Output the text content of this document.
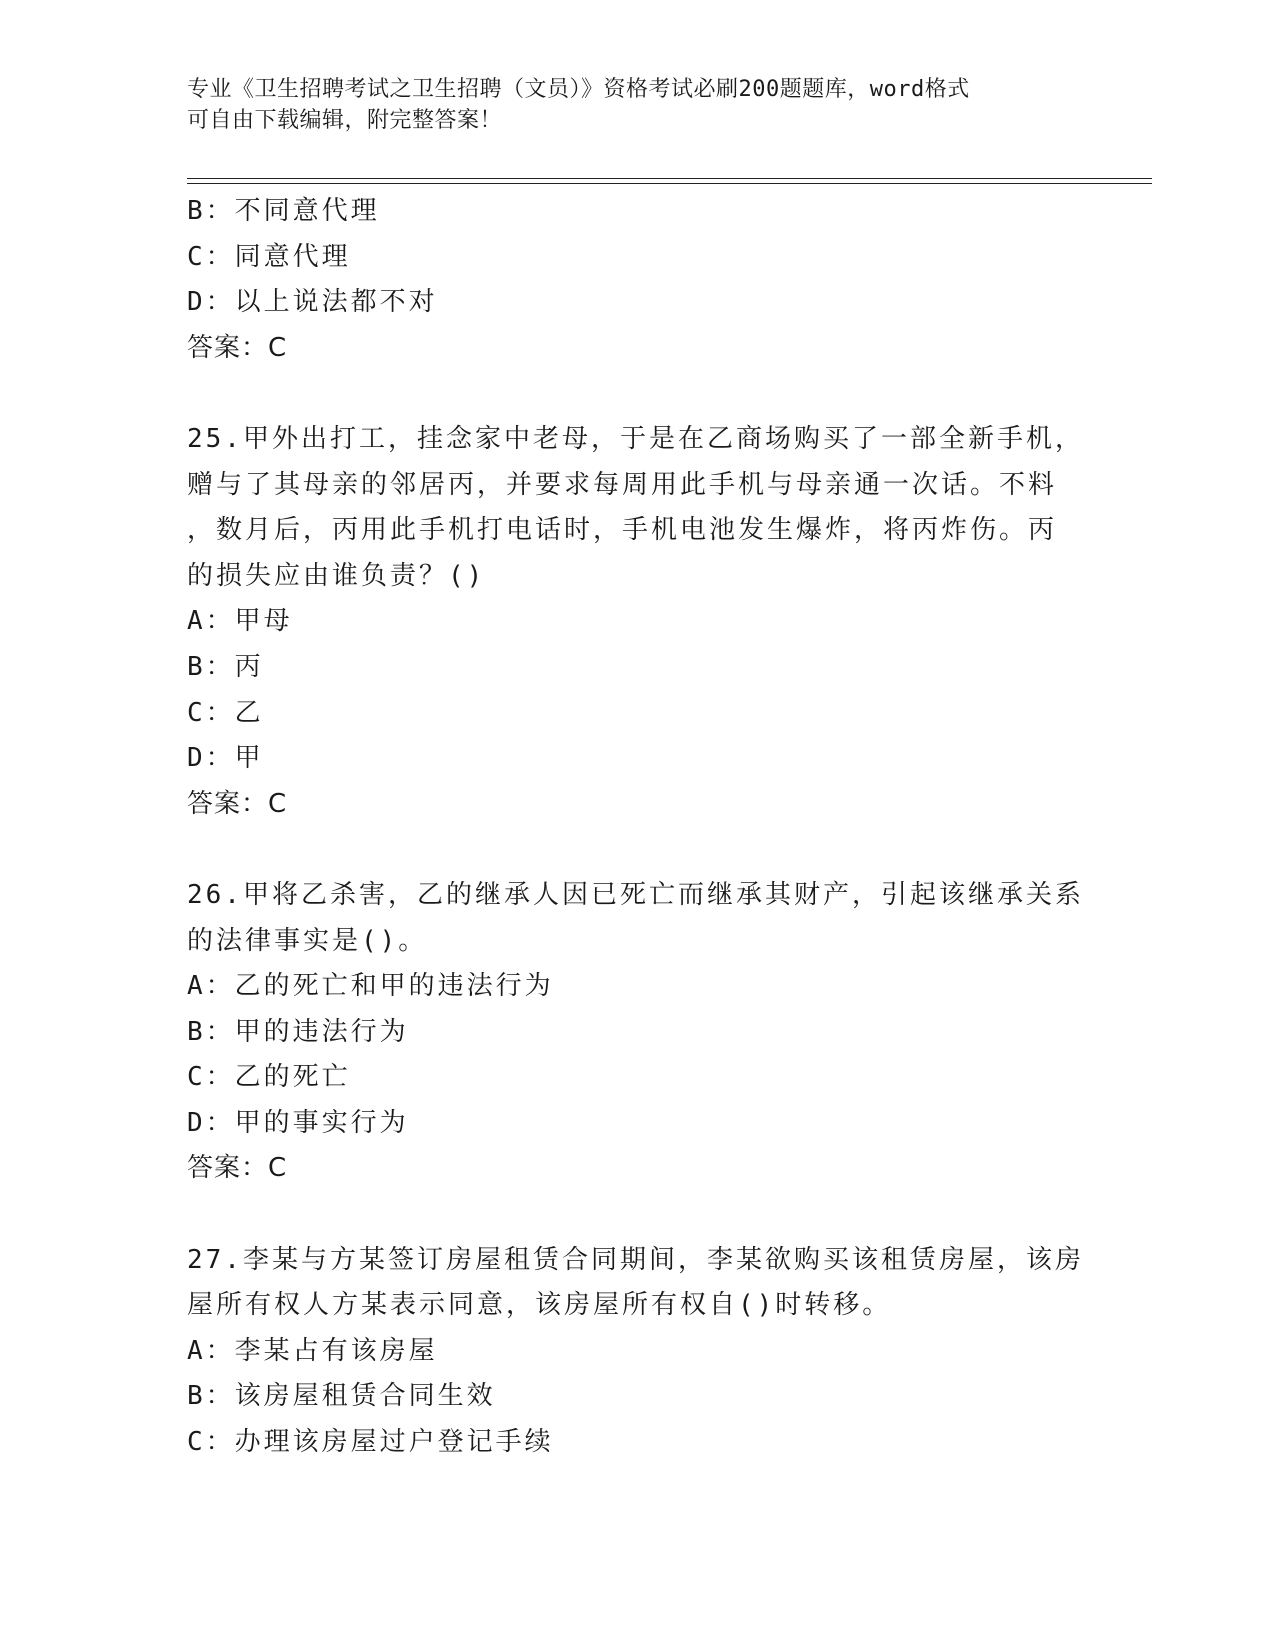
专业《卫生招聘考试之卫生招聘（文员）》资格考试必刷200题题库，word格式
可自由下载编辑，附完整答案！
B：不同意代理
C：同意代理
D：以上说法都不对
答案：C
25.甲外出打工，挂念家中老母，于是在乙商场购买了一部全新手机，
赠与了其母亲的邻居丙，并要求每周用此手机与母亲通一次话。不料
，数月后，丙用此手机打电话时，手机电池发生爆炸，将丙炸伤。丙
的损失应由谁负责？()
A：甲母
B：丙
C：乙
D：甲
答案：C
26.甲将乙杀害，乙的继承人因已死亡而继承其财产，引起该继承关系
的法律事实是()。
A：乙的死亡和甲的违法行为
B：甲的违法行为
C：乙的死亡
D：甲的事实行为
答案：C
27.李某与方某签订房屋租赁合同期间，李某欲购买该租赁房屋，该房
屋所有权人方某表示同意，该房屋所有权自()时转移。
A：李某占有该房屋
B：该房屋租赁合同生效
C：办理该房屋过户登记手续
